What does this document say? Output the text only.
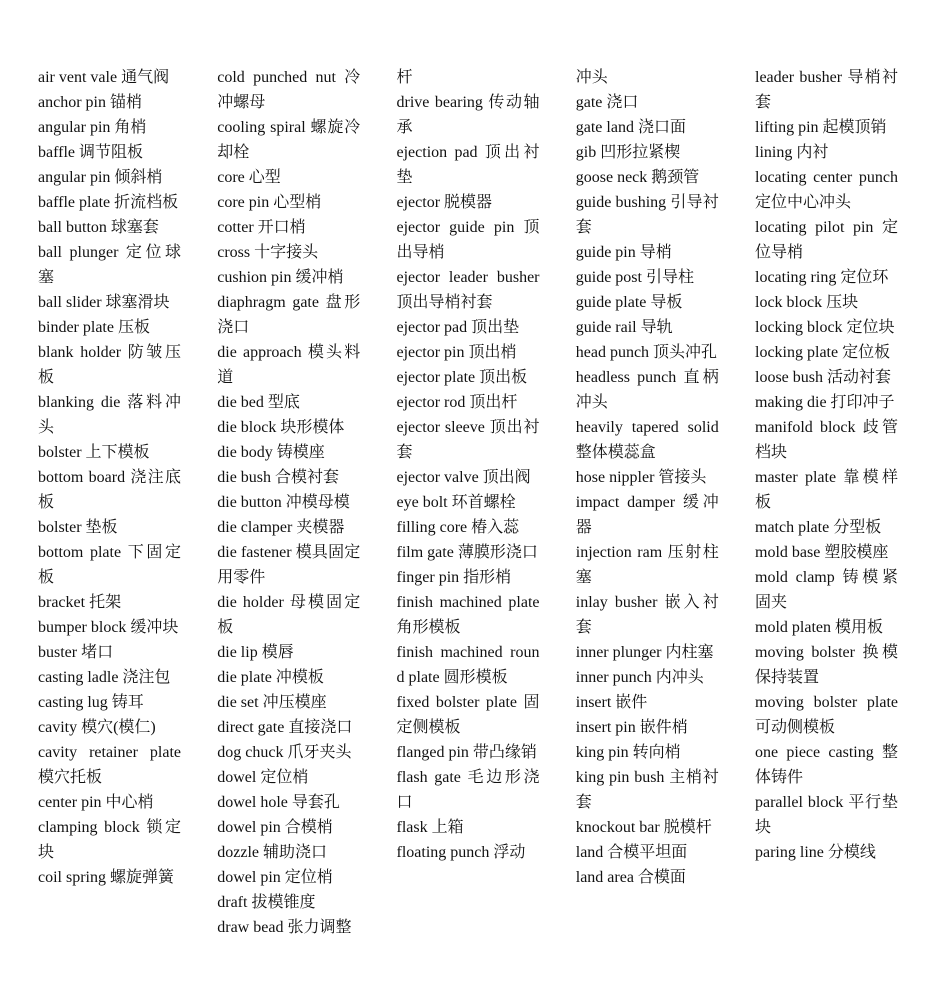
air vent vale 通气阀
anchor pin 锚梢
angular pin 角梢
baffle 调节阻板
angular pin 倾斜梢
baffle plate 折流档板
ball button 球塞套
ball plunger 定位球塞
ball slider 球塞滑块
binder plate 压板
blank holder 防皱压板
blanking die 落料冲头
bolster 上下模板
bottom board 浇注底板
bolster 垫板
bottom plate 下固定板
bracket 托架
bumper block 缓冲块
buster 堵口
casting ladle 浇注包
casting lug 铸耳
cavity 模穴(模仁)
cavity retainer plate 模穴托板
center pin 中心梢
clamping block 锁定块
coil spring 螺旋弹簧
cold punched nut 冷冲螺母
cooling spiral 螺旋冷却栓
core 心型
core pin 心型梢
cotter 开口梢
cross 十字接头
cushion pin 缓冲梢
diaphragm gate 盘形浇口
die approach 模头料道
die bed 型底
die block 块形模体
die body 铸模座
die bush 合模衬套
die button 冲模母模
die clamper 夹模器
die fastener 模具固定用零件
die holder 母模固定板
die lip 模唇
die plate 冲模板
die set 冲压模座
direct gate 直接浇口
dog chuck 爪牙夹头
dowel 定位梢
dowel hole 导套孔
dowel pin 合模梢
dozzle 辅助浇口
dowel pin 定位梢
draft 拔模锥度
draw bead 张力调整
杆
drive bearing 传动轴承
ejection pad 顶出衬垫
ejector 脱模器
ejector guide pin 顶出导梢
ejector leader busher 顶出导梢衬套
ejector pad 顶出垫
ejector pin 顶出梢
ejector plate 顶出板
ejector rod 顶出杆
ejector sleeve 顶出衬套
ejector valve 顶出阀
eye bolt 环首螺栓
filling core 椿入蕊
film gate 薄膜形浇口
finger pin 指形梢
finish machined plate 角形模板
finish machined round plate 圆形模板
fixed bolster plate 固定侧模板
flanged pin 带凸缘销
flash gate 毛边形浇口
flask 上箱
floating punch 浮动
冲头
gate 浇口
gate land 浇口面
gib 凹形拉紧楔
goose neck 鹅颈管
guide bushing 引导衬套
guide pin 导梢
guide post 引导柱
guide plate 导板
guide rail 导轨
head punch 顶头冲孔
headless punch 直柄冲头
heavily tapered solid 整体模蕊盒
hose nippler 管接头
impact damper 缓冲器
injection ram 压射柱塞
inlay busher 嵌入衬套
inner plunger 内柱塞
inner punch 内冲头
insert 嵌件
insert pin 嵌件梢
king pin 转向梢
king pin bush 主梢衬套
knockout bar 脱模杆
land 合模平坦面
land area 合模面
leader busher 导梢衬套
lifting pin 起模顶销
lining 内衬
locating center punch 定位中心冲头
locating pilot pin 定位导梢
locating ring 定位环
lock block 压块
locking block 定位块
locking plate 定位板
loose bush 活动衬套
making die 打印冲子
manifold block 歧管档块
master plate 靠模样板
match plate 分型板
mold base 塑胶模座
mold clamp 铸模紧固夹
mold platen 模用板
moving bolster 换模保持装置
moving bolster plate 可动侧模板
one piece casting 整体铸件
parallel block 平行垫块
paring line 分模线
